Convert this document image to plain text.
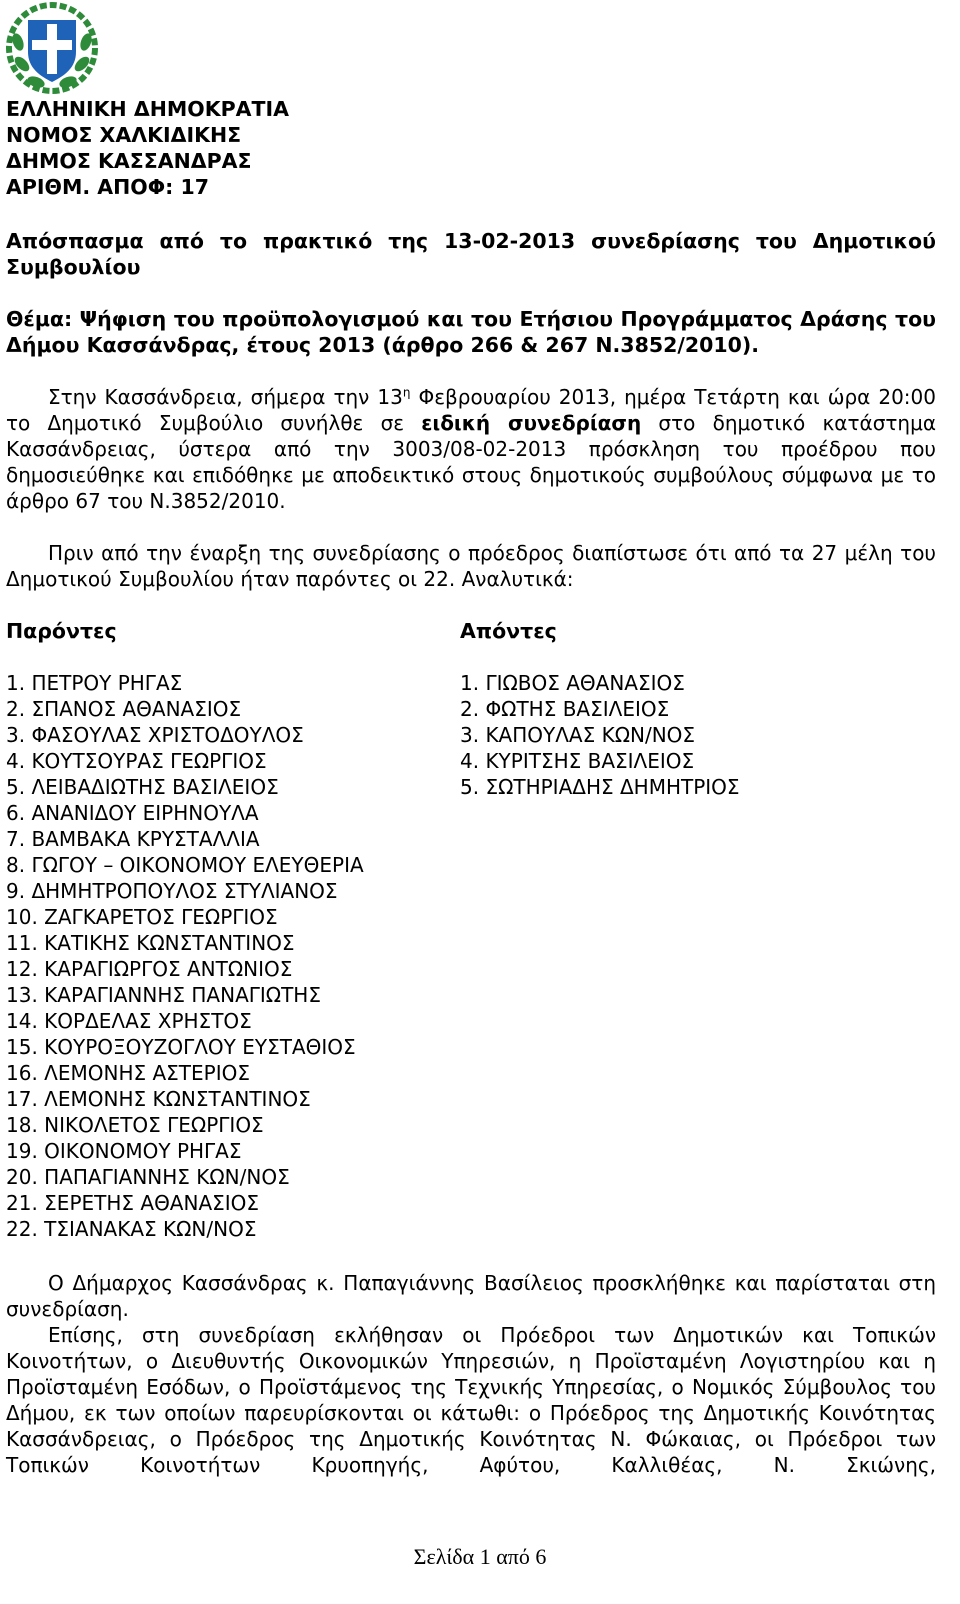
ΕΛΛΗΝΙΚΗ ΔΗΜΟΚΡΑΤΙΑ
ΝΟΜΟΣ ΧΑΛΚΙΔΙΚΗΣ
ΔΗΜΟΣ ΚΑΣΣΑΝΔΡΑΣ
ΑΡΙΘΜ. ΑΠΟΦ: 17
Απόσπασμα από το πρακτικό της 13-02-2013 συνεδρίασης του Δημοτικού Συμβουλίου
Θέμα: Ψήφιση του προϋπολογισμού και του Ετήσιου Προγράμματος Δράσης του Δήμου Κασσάνδρας, έτους 2013 (άρθρο 266 & 267 Ν.3852/2010).
Στην Κασσάνδρεια, σήμερα την $13^\eta$ Φεβρουαρίου 2013, ημέρα Τετάρτη και ώρα 20:00 το Δημοτικό Συμβούλιο συνήλθε σε ειδική συνεδρίαση στο δημοτικό κατάστημα Κασσάνδρειας, ύστερα από την 3003/08-02-2013 πρόσκληση του προέδρου που δημοσιεύθηκε και επιδόθηκε με αποδεικτικό στους δημοτικούς συμβούλους σύμφωνα με το άρθρο 67 του Ν.3852/2010.
Πριν από την έναρξη της συνεδρίασης ο πρόεδρος διαπίστωσε ότι από τα 27 μέλη του Δημοτικού Συμβουλίου ήταν παρόντες οι 22. Αναλυτικά:
Παρόντες	Απόντες
1. ΠΕΤΡΟΥ ΡΗΓΑΣ
2. ΣΠΑΝΟΣ ΑΘΑΝΑΣΙΟΣ
3. ΦΑΣΟΥΛΑΣ ΧΡΙΣΤΟΔΟΥΛΟΣ
4. ΚΟΥΤΣΟΥΡΑΣ ΓΕΩΡΓΙΟΣ
5. ΛΕΙΒΑΔΙΩΤΗΣ ΒΑΣΙΛΕΙΟΣ
6. ΑΝΑΝΙΔΟΥ ΕΙΡΗΝΟΥΛΑ
7. ΒΑΜΒΑΚΑ ΚΡΥΣΤΑΛΛΙΑ
8. ΓΩΓΟΥ – ΟΙΚΟΝΟΜΟΥ ΕΛΕΥΘΕΡΙΑ
9. ΔΗΜΗΤΡΟΠΟΥΛΟΣ ΣΤΥΛΙΑΝΟΣ
10. ΖΑΓΚΑΡΕΤΟΣ ΓΕΩΡΓΙΟΣ
11. ΚΑΤΙΚΗΣ ΚΩΝΣΤΑΝΤΙΝΟΣ
12. ΚΑΡΑΓΙΩΡΓΟΣ ΑΝΤΩΝΙΟΣ
13. ΚΑΡΑΓΙΑΝΝΗΣ ΠΑΝΑΓΙΩΤΗΣ
14. ΚΟΡΔΕΛΑΣ ΧΡΗΣΤΟΣ
15. ΚΟΥΡΟΞΟΥΖΟΓΛΟΥ ΕΥΣΤΑΘΙΟΣ
16. ΛΕΜΟΝΗΣ ΑΣΤΕΡΙΟΣ
17. ΛΕΜΟΝΗΣ ΚΩΝΣΤΑΝΤΙΝΟΣ
18. ΝΙΚΟΛΕΤΟΣ ΓΕΩΡΓΙΟΣ
19. ΟΙΚΟΝΟΜΟΥ ΡΗΓΑΣ
20. ΠΑΠΑΓΙΑΝΝΗΣ ΚΩΝ/ΝΟΣ
21. ΣΕΡΕΤΗΣ ΑΘΑΝΑΣΙΟΣ
22. ΤΣΙΑΝΑΚΑΣ ΚΩΝ/ΝΟΣ
1. ΓΙΩΒΟΣ ΑΘΑΝΑΣΙΟΣ
2. ΦΩΤΗΣ ΒΑΣΙΛΕΙΟΣ
3. ΚΑΠΟΥΛΑΣ ΚΩΝ/ΝΟΣ
4. ΚΥΡΙΤΣΗΣ ΒΑΣΙΛΕΙΟΣ
5. ΣΩΤΗΡΙΑΔΗΣ ΔΗΜΗΤΡΙΟΣ
Ο Δήμαρχος Κασσάνδρας κ. Παπαγιάννης Βασίλειος προσκλήθηκε και παρίσταται στη συνεδρίαση.
Επίσης, στη συνεδρίαση εκλήθησαν οι Πρόεδροι των Δημοτικών και Τοπικών Κοινοτήτων, ο Διευθυντής Οικονομικών Υπηρεσιών, η Προϊσταμένη Λογιστηρίου και η Προϊσταμένη Εσόδων, ο Προϊστάμενος της Τεχνικής Υπηρεσίας, ο Νομικός Σύμβουλος του Δήμου, εκ των οποίων παρευρίσκονται οι κάτωθι: ο Πρόεδρος της Δημοτικής Κοινότητας Κασσάνδρειας, ο Πρόεδρος της Δημοτικής Κοινότητας Ν. Φώκαιας, οι Πρόεδροι των Τοπικών Κοινοτήτων Κρυοπηγής, Αφύτου, Καλλιθέας, Ν. Σκιώνης,
Σελίδα 1 από 6
